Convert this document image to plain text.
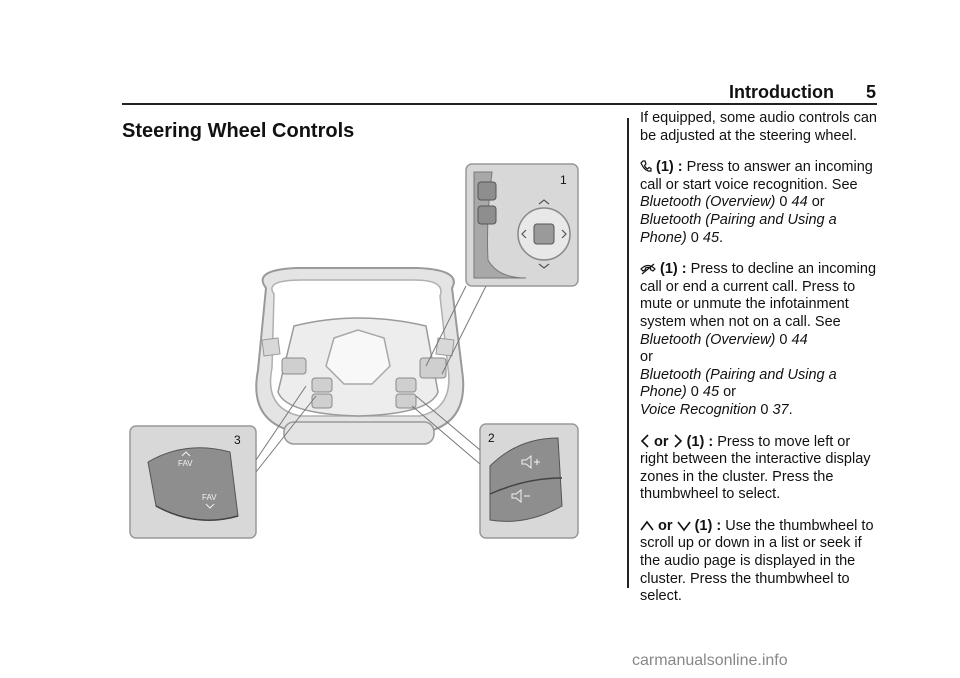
Introduction 5
Steering Wheel Controls
1
2
3
FAV
FAV

If equipped, some audio controls can be adjusted at the steering wheel.

(1) : Press to answer an incoming call or start voice recognition. See Bluetooth (Overview) 0 44 or Bluetooth (Pairing and Using a Phone) 0 45.

(1) : Press to decline an incoming call or end a current call. Press to mute or unmute the infotainment system when not on a call. See Bluetooth (Overview) 0 44
or
Bluetooth (Pairing and Using a Phone) 0 45 or
Voice Recognition 0 37.

or (1) : Press to move left or right between the interactive display zones in the cluster. Press the thumbwheel to select.

or (1) : Use the thumbwheel to scroll up or down in a list or seek if the audio page is displayed in the cluster. Press the thumbwheel to select.

carmanualsonline.info
